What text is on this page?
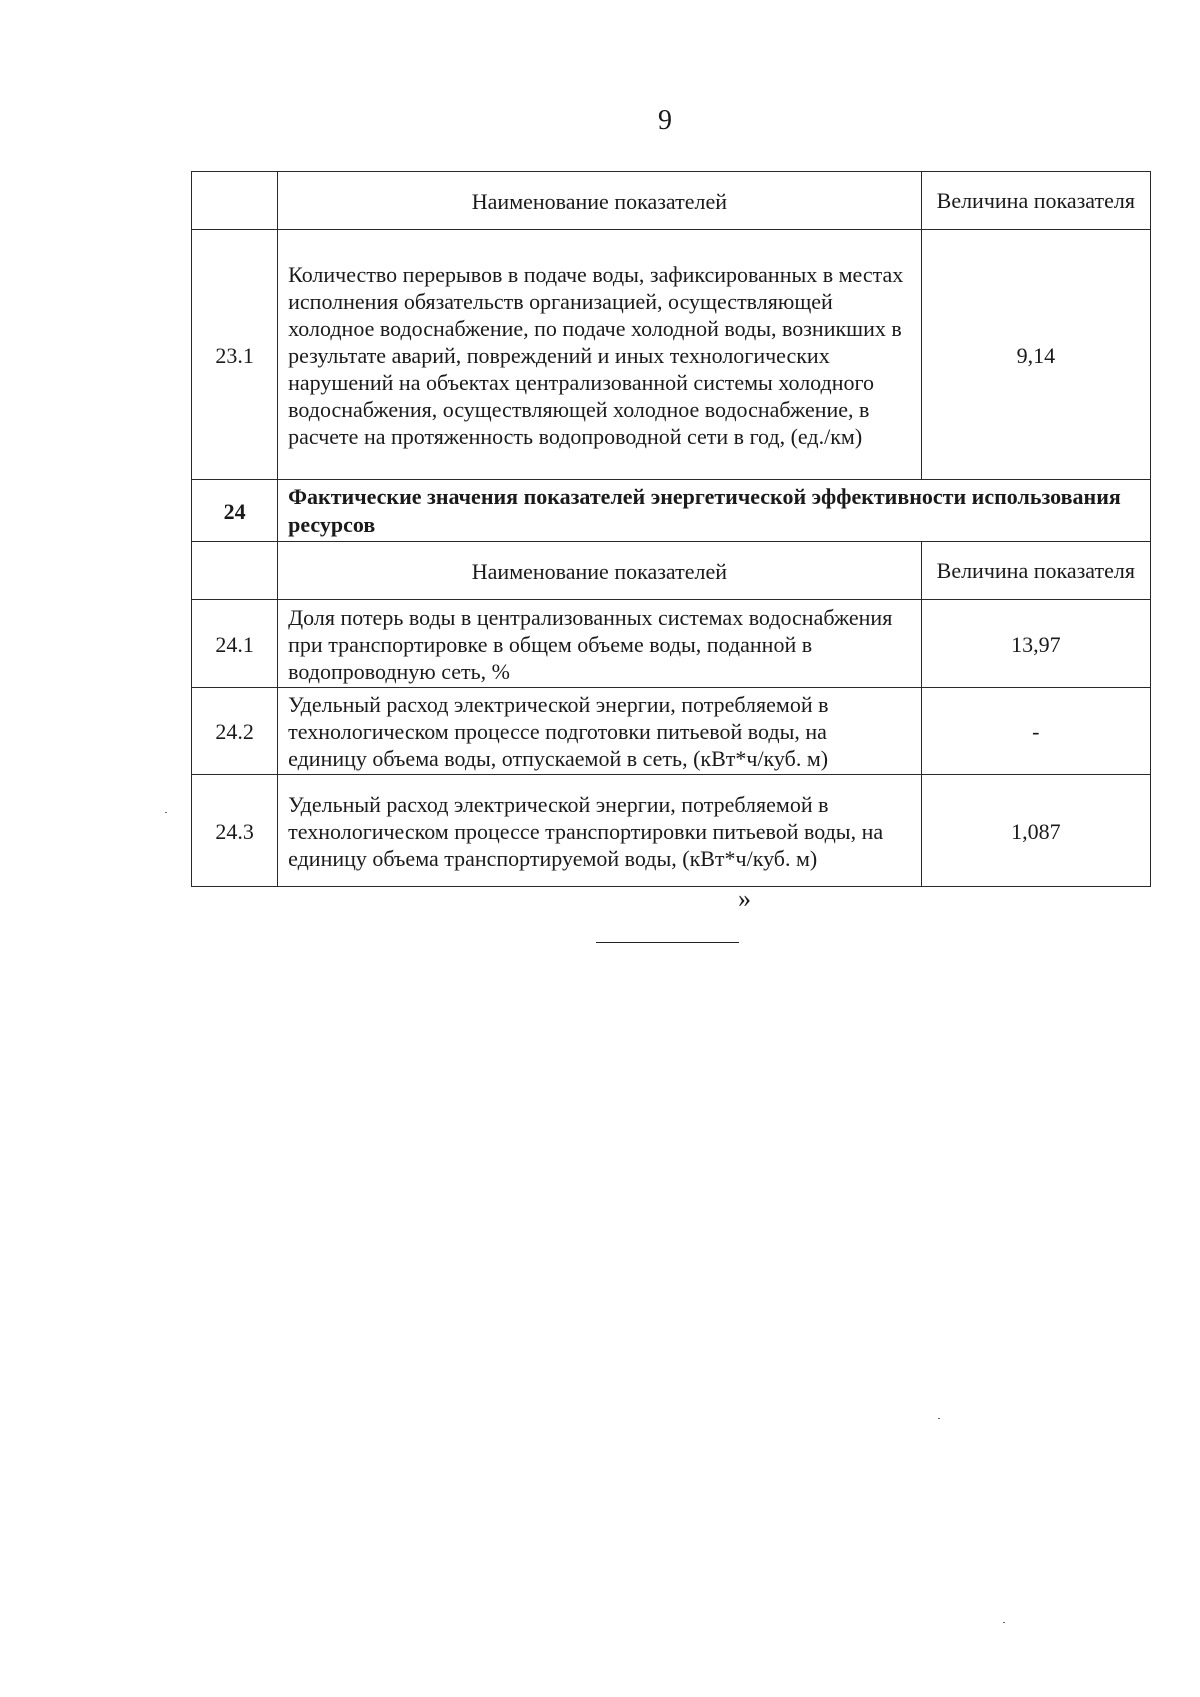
9
	Наименование показателей	Величина показателя
23.1	Количество перерывов в подаче воды, зафиксированных в местах исполнения обязательств организацией, осуществляющей холодное водоснабжение, по подаче холодной воды, возникших в результате аварий, повреждений и иных технологических нарушений на объектах централизованной системы холодного водоснабжения, осуществляющей холодное водоснабжение, в расчете на протяженность водопроводной сети в год, (ед./км)	9,14
24	Фактические значения показателей энергетической эффективности использования ресурсов	
	Наименование показателей	Величина показателя
24.1	Доля потерь воды в централизованных системах водоснабжения при транспортировке в общем объеме воды, поданной в водопроводную сеть, %	13,97
24.2	Удельный расход электрической энергии, потребляемой в технологическом процессе подготовки питьевой воды, на единицу объема воды, отпускаемой в сеть, (кВт*ч/куб. м)	-
24.3	Удельный расход электрической энергии, потребляемой в технологическом процессе транспортировки питьевой воды, на единицу объема транспортируемой воды, (кВт*ч/куб. м)	1,087
»
